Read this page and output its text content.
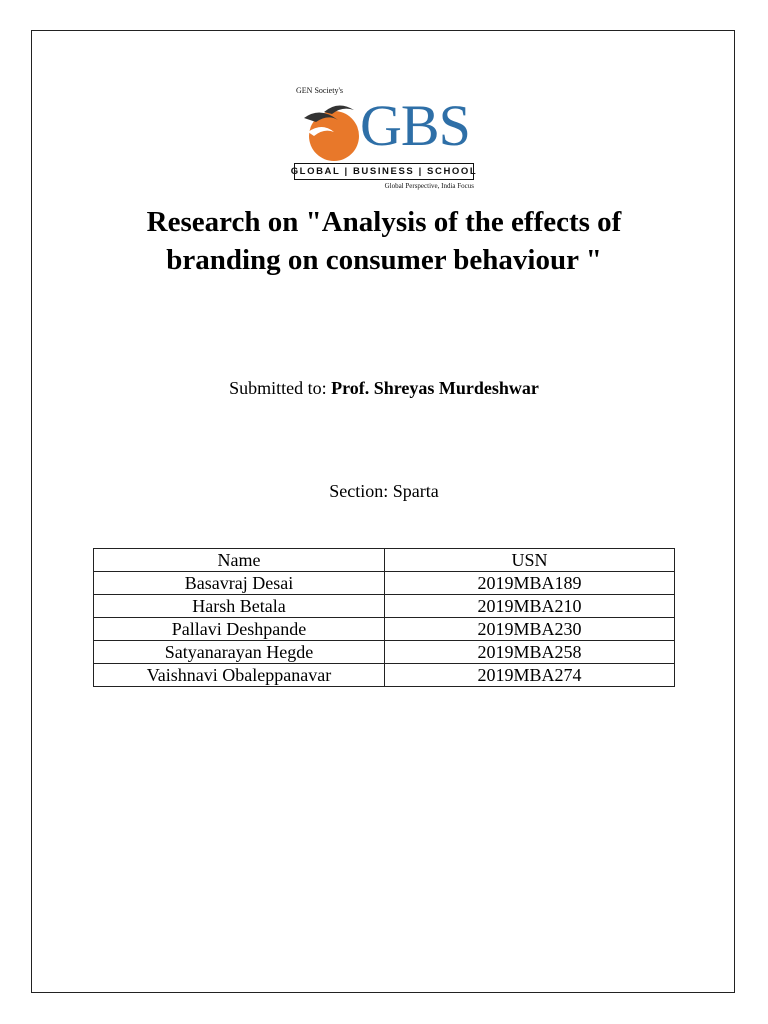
GEN Society's
GBS
GLOBAL | BUSINESS | SCHOOL
Global Perspective, India Focus
Research on "Analysis of the effects of
branding on consumer behaviour "
Submitted to: Prof. Shreyas Murdeshwar
Section: Sparta
Name	USN
Basavraj Desai	2019MBA189
Harsh Betala	2019MBA210
Pallavi Deshpande	2019MBA230
Satyanarayan Hegde	2019MBA258
Vaishnavi Obaleppanavar	2019MBA274
